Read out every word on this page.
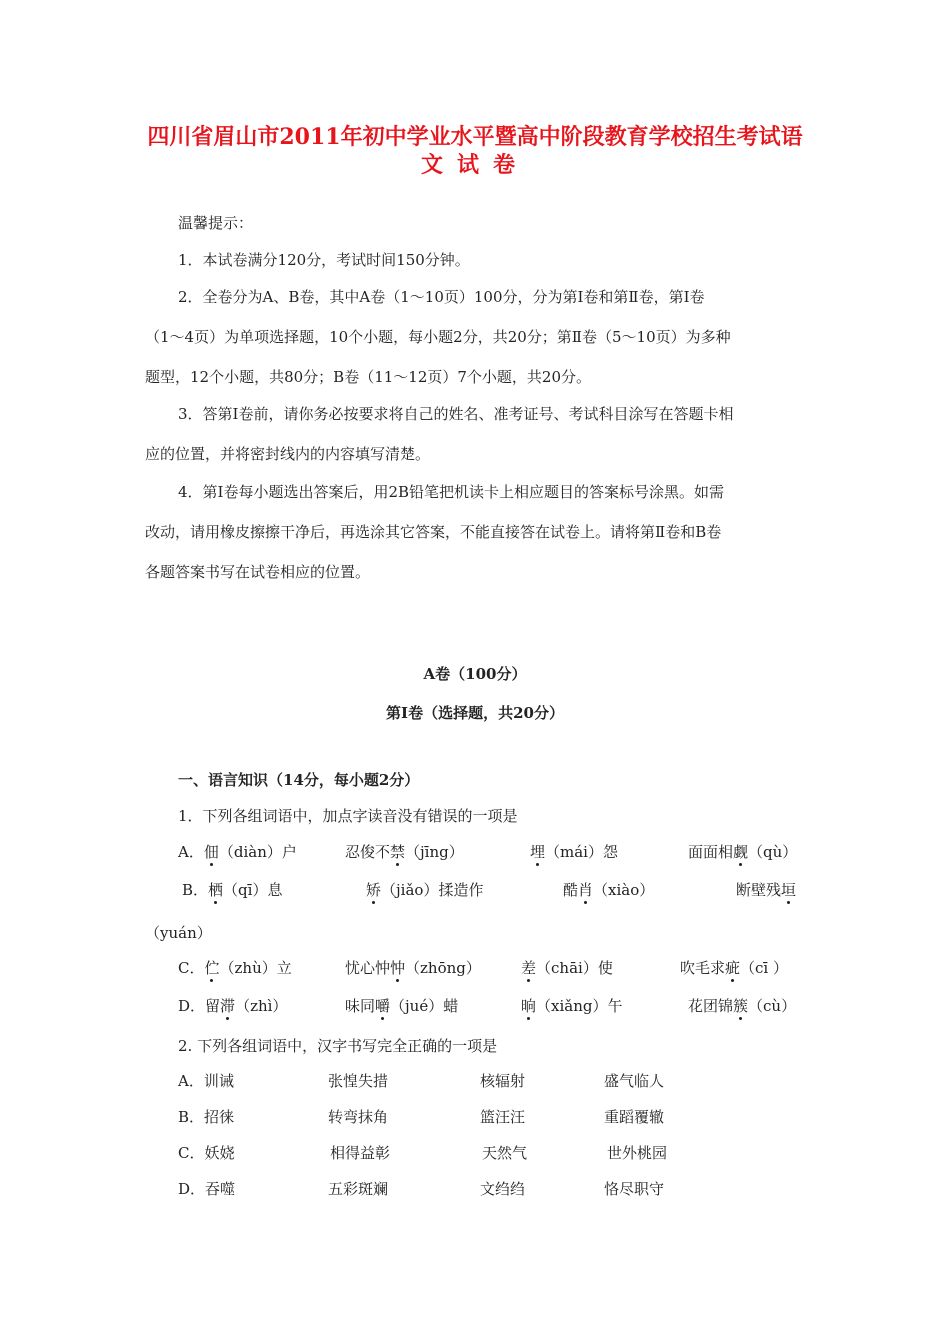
四川省眉山市2011年初中学业水平暨高中阶段教育学校招生考试语
文试卷
温馨提示：
1．本试卷满分120分，考试时间150分钟。
2．全卷分为A、B卷，其中A卷（1～10页）100分，分为第Ⅰ卷和第Ⅱ卷，第Ⅰ卷
（1～4页）为单项选择题，10个小题，每小题2分，共20分；第Ⅱ卷（5～10页）为多种
题型，12个小题，共80分；B卷（11～12页）7个小题，共20分。
3．答第Ⅰ卷前，请你务必按要求将自己的姓名、准考证号、考试科目涂写在答题卡相
应的位置，并将密封线内的内容填写清楚。
4．第Ⅰ卷每小题选出答案后，用2B铅笔把机读卡上相应题目的答案标号涂黑。如需
改动，请用橡皮擦擦干净后，再选涂其它答案，不能直接答在试卷上。请将第Ⅱ卷和B卷
各题答案书写在试卷相应的位置。
A卷（100分）
第Ⅰ卷（选择题，共20分）
一、语言知识（14分，每小题2分）
1．下列各组词语中，加点字读音没有错误的一项是
A．佃（diàn）户	忍俊不禁（jīng）	埋（mái）怨	面面相觑（qù）
B．栖（qī）息	矫（jiǎo）揉造作	酷肖（xiào）	断壁残垣
（yuán）
C．伫（zhù）立	忧心忡忡（zhōng）	差（chāi）使	吹毛求疵（cī ）
D．留滞（zhì）	味同嚼（jué）蜡	晌（xiǎng）午	花团锦簇（cù）
2. 下列各组词语中，汉字书写完全正确的一项是
A．训诫	张惶失措	核辐射	盛气临人
B．招徕	转弯抹角	篮汪汪	重蹈覆辙
C．妖娆	相得益彰	天然气	世外桃园
D．吞噬	五彩斑斓	文绉绉	恪尽职守
